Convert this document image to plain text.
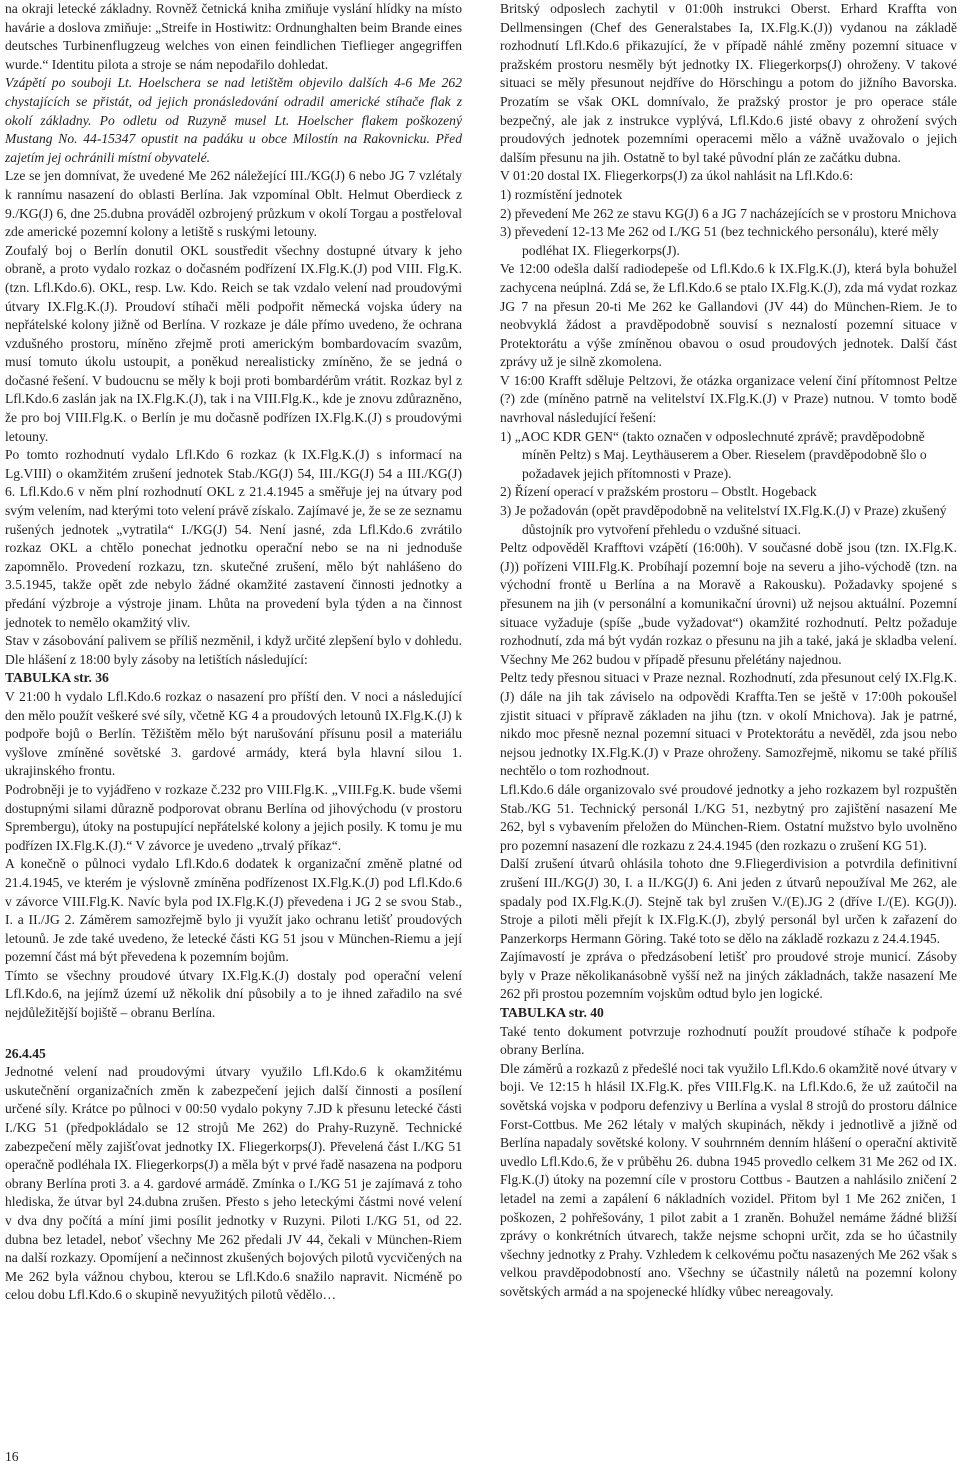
na okraji letecké základny. Rovněž četnická kniha zmiňuje vyslání hlídky na místo havárie a doslova zmiňuje: „Streife in Hostiwitz: Ordnunghalten beim Brande eines deutsches Turbinenflugzeug welches von einen feindlichen Tieflieger angegriffen wurde.“ Identitu pilota a stroje se nám nepodařilo dohledat.

Vzápětí po souboji Lt. Hoelschera se nad letištěm objevilo dalších 4-6 Me 262 chystajících se přistát, od jejich pronásledování odradil americké stíhače flak z okolí základny. Po odletu od Ruzyně musel Lt. Hoelscher flakem poškozený Mustang No. 44-15347 opustit na padáku u obce Milostín na Rakovnicku. Před zajetím jej ochránili místní obyvatelé.

Lze se jen domnívat, že uvedené Me 262 náležející III./KG(J) 6 nebo JG 7 vzlétaly k rannímu nasazení do oblasti Berlína. Jak vzpomínal Oblt. Helmut Oberdieck z 9./KG(J) 6, dne 25.dubna prováděl ozbrojený průzkum v okolí Torgau a postřeloval zde americké pozemní kolony a letiště s ruskými letouny.

Zoufalý boj o Berlín donutil OKL soustředit všechny dostupné útvary k jeho obraně, a proto vydalo rozkaz o dočasném podřízení IX.Flg.K.(J) pod VIII. Flg.K. (tzn. Lfl.Kdo.6). OKL, resp. Lw. Kdo. Reich se tak vzdalo velení nad proudovými útvary IX.Flg.K.(J). Proudoví stíhači měli podpořit německá vojska údery na nepřátelské kolony jižně od Berlína. V rozkaze je dále přímo uvedeno, že ochrana vzdušného prostoru, míněno zřejmě proti americkým bombardovacím svazům, musí tomuto úkolu ustoupit, a poněkud nerealisticky zmíněno, že se jedná o dočasné řešení. V budoucnu se měly k boji proti bombardérům vrátit. Rozkaz byl z Lfl.Kdo.6 zaslán jak na IX.Flg.K.(J), tak i na VIII.Flg.K., kde je znovu zdůrazněno, že pro boj VIII.Flg.K. o Berlín je mu dočasně podřízen IX.Flg.K.(J) s proudovými letouny.

Po tomto rozhodnutí vydalo Lfl.Kdo 6 rozkaz (k IX.Flg.K.(J) s informací na Lg.VIII) o okamžitém zrušení jednotek Stab./KG(J) 54, III./KG(J) 54 a III./KG(J) 6. Lfl.Kdo.6 v něm plní rozhodnutí OKL z 21.4.1945 a směřuje jej na útvary pod svým velením, nad kterými toto velení právě získalo. Zajímavé je, že se ze seznamu rušených jednotek „vytratila“ I./KG(J) 54. Není jasné, zda Lfl.Kdo.6 zvrátilo rozkaz OKL a chtělo ponechat jednotku operační nebo se na ni jednoduše zapomnělo. Provedení rozkazu, tzn. skutečné zrušení, mělo být nahlášeno do 3.5.1945, takže opět zde nebylo žádné okamžité zastavení činnosti jednotky a předání výzbroje a výstroje jinam. Lhůta na provedení byla týden a na činnost jednotek to nemělo okamžitý vliv.

Stav v zásobování palivem se příliš nezměnil, i když určité zlepšení bylo v dohledu. Dle hlášení z 18:00 byly zásoby na letištích následující:

TABULKA str. 36

V 21:00 h vydalo Lfl.Kdo.6 rozkaz o nasazení pro příští den. V noci a následující den mělo použít veškeré své síly, včetně KG 4 a proudových letounů IX.Flg.K.(J) k podpoře bojů o Berlín. Těžištěm mělo být narušování přísunu posil a materiálu vyšlove zmíněné sovětské 3. gardové armády, která byla hlavní silou 1. ukrajinského frontu.

Podrobněji je to vyjádřeno v rozkaze č.232 pro VIII.Flg.K. „VIII.Fg.K. bude všemi dostupnými silami důrazně podporovat obranu Berlína od jihovýchodu (v prostoru Sprembergu), útoky na postupující nepřátelské kolony a jejich posily. K tomu je mu podřízen IX.Flg.K.(J).“ V závorce je uvedeno „trvalý příkaz“.

A konečně o půlnoci vydalo Lfl.Kdo.6 dodatek k organizační změně platné od 21.4.1945, ve kterém je výslovně zmíněna podřízenost IX.Flg.K.(J) pod Lfl.Kdo.6 v závorce VIII.Flg.K. Navíc byla pod IX.Flg.K.(J) převedena i JG 2 se svou Stab., I. a II./JG 2. Záměrem samozřejmě bylo ji využít jako ochranu letišť proudových letounů. Je zde také uvedeno, že letecké části KG 51 jsou v München-Riemu a její pozemní část má být převedena k pozemním bojům.

Tímto se všechny proudové útvary IX.Flg.K.(J) dostaly pod operační velení Lfl.Kdo.6, na jejímž území už několik dní působily a to je ihned zařadilo na své nejdůležitější bojiště – obranu Berlína.

26.4.45

Jednotné velení nad proudovými útvary využilo Lfl.Kdo.6 k okamžitému uskutečnění organizačních změn k zabezpečení jejich další činnosti a posílení určené síly. Krátce po půlnoci v 00:50 vydalo pokyny 7.JD k přesunu letecké části I./KG 51 (předpokládalo se 12 strojů Me 262) do Prahy-Ruzyně. Technické zabezpečení měly zajišťovat jednotky IX. Fliegerkorps(J). Převelená část I./KG 51 operačně podléhala IX. Fliegerkorps(J) a měla být v prvé řadě nasazena na podporu obrany Berlína proti 3. a 4. gardové armádě. Zmínka o I./KG 51 je zajímavá z toho hlediska, že útvar byl 24.dubna zrušen. Přesto s jeho leteckými částmi nové velení v dva dny počítá a míní jimi posílit jednotky v Ruzyni. Piloti I./KG 51, od 22. dubna bez letadel, neboť všechny Me 262 předali JV 44, čekali v München-Riem na další rozkazy. Opomíjení a nečinnost zkušených bojových pilotů vycvičených na Me 262 byla vážnou chybou, kterou se Lfl.Kdo.6 snažilo napravit. Nicméně po celou dobu Lfl.Kdo.6 o skupině nevyužitých pilotů vědělo…

Britský odposlech zachytil v 01:00h instrukci Oberst. Erhard Kraffta von Dellmensingen (Chef des Generalstabes Ia, IX.Flg.K.(J)) vydanou na základě rozhodnutí Lfl.Kdo.6 přikazující, že v případě náhlé změny pozemní situace v pražském prostoru nesměly být jednotky IX. Fliegerkorps(J) ohroženy. V takové situaci se měly přesunout nejdříve do Hörschingu a potom do jižního Bavorska. Prozatím se však OKL domnívalo, že pražský prostor je pro operace stále bezpečný, ale jak z instrukce vyplývá, Lfl.Kdo.6 jisté obavy z ohrožení svých proudových jednotek pozemními operacemi mělo a vážně uvažovalo o jejich dalším přesunu na jih. Ostatně to byl také původní plán ze začátku dubna.

V 01:20 dostal IX. Fliegerkorps(J) za úkol nahlásit na Lfl.Kdo.6:

1) rozmístění jednotek

2) převedení Me 262 ze stavu KG(J) 6 a JG 7 nacházejících se v prostoru Mnichova

3) převedení 12-13 Me 262 od I./KG 51 (bez technického personálu), které měly podléhat IX. Fliegerkorps(J).

Ve 12:00 odešla další radiodepeše od Lfl.Kdo.6 k IX.Flg.K.(J), která byla bohužel zachycena neúplná. Zdá se, že Lfl.Kdo.6 se ptalo IX.Flg.K.(J), zda má vydat rozkaz JG 7 na přesun 20-ti Me 262 ke Gallandovi (JV 44) do München-Riem. Je to neobvyklá žádost a pravděpodobně souvisí s neznalostí pozemní situace v Protektorátu a výše zmíněnou obavou o osud proudových jednotek. Další část zprávy už je silně zkomolena.

V 16:00 Krafft sděluje Peltzovi, že otázka organizace velení činí přítomnost Peltze (?) zde (míněno patrně na velitelství IX.Flg.K.(J) v Praze) nutnou. V tomto bodě navrhoval následující řešení:

1) „AOC KDR GEN“ (takto označen v odposlechnuté zprávě; pravděpodobně míněn Peltz) s Maj. Leythäuserem a Ober. Rieselem (pravděpodobně šlo o požadavek jejich přítomnosti v Praze).

2) Řízení operací v pražském prostoru – Obstlt. Hogeback

3) Je požadován (opět pravděpodobně na velitelství IX.Flg.K.(J) v Praze) zkušený důstojník pro vytvoření přehledu o vzdušné situaci.

Peltz odpověděl Krafftovi vzápětí (16:00h). V současné době jsou (tzn. IX.Flg.K.(J)) pořízeni VIII.Flg.K. Probíhají pozemní boje na severu a jiho-východě (tzn. na východní frontě u Berlína a na Moravě a Rakousku). Požadavky spojené s přesunem na jih (v personální a komunikační úrovni) už nejsou aktuální. Pozemní situace vyžaduje (spíše „bude vyžadovat“) okamžité rozhodnutí. Peltz požaduje rozhodnutí, zda má být vydán rozkaz o přesunu na jih a také, jaká je skladba velení. Všechny Me 262 budou v případě přesunu přelétány najednou.

Peltz tedy přesnou situaci v Praze neznal. Rozhodnutí, zda přesunout celý IX.Flg.K.(J) dále na jih tak záviselo na odpovědi Kraffta.Ten se ještě v 17:00h pokoušel zjistit situaci v přípravě základen na jihu (tzn. v okolí Mnichova). Jak je patrné, nikdo moc přesně neznal pozemní situaci v Protektorátu a nevěděl, zda jsou nebo nejsou jednotky IX.Flg.K.(J) v Praze ohroženy. Samozřejmě, nikomu se také příliš nechtělo o tom rozhodnout.

Lfl.Kdo.6 dále organizovalo své proudové jednotky a jeho rozkazem byl rozpuštěn Stab./KG 51. Technický personál I./KG 51, nezbytný pro zajištění nasazení Me 262, byl s vybavením přeložen do München-Riem. Ostatní mužstvo bylo uvolněno pro pozemní nasazení dle rozkazu z 24.4.1945 (den rozkazu o zrušení KG 51).

Další zrušení útvarů ohlásila tohoto dne 9.Fliegerdivision a potvrdila definitivní zrušení III./KG(J) 30, I. a II./KG(J) 6. Ani jeden z útvarů nepoužíval Me 262, ale spadaly pod IX.Flg.K.(J). Stejně tak byl zrušen V./(E).JG 2 (dříve I./(E). KG(J)). Stroje a piloti měli přejít k IX.Flg.K.(J), zbylý personál byl určen k zařazení do Panzerkorps Hermann Göring. Také toto se dělo na základě rozkazu z 24.4.1945.

Zajímavostí je zpráva o předzásobení letišť pro proudové stroje municí. Zásoby byly v Praze několikanásobně vyšší než na jiných základnách, takže nasazení Me 262 při prostou pozemním vojskům odtud bylo jen logické.

TABULKA str. 40

Také tento dokument potvrzuje rozhodnutí použít proudové stíhače k podpoře obrany Berlína.

Dle záměrů a rozkazů z předešlé noci tak využilo Lfl.Kdo.6 okamžitě nové útvary v boji. Ve 12:15 h hlásil IX.Flg.K. přes VIII.Flg.K. na Lfl.Kdo.6, že už zaútočil na sovětská vojska v podporu defenzivy u Berlína a vyslal 8 strojů do prostoru dálnice Forst-Cottbus. Me 262 létaly v malých skupinách, někdy i jednotlivě a jižně od Berlína napadaly sovětské kolony. V souhrnném denním hlášení o operační aktivitě uvedlo Lfl.Kdo.6, že v průběhu 26. dubna 1945 provedlo celkem 31 Me 262 od IX. Flg.K.(J) útoky na pozemní cíle v prostoru Cottbus - Bautzen a nahlásilo zničení 2 letadel na zemi a zapálení 6 nákladních vozidel. Přitom byl 1 Me 262 zničen, 1 poškozen, 2 pohřešovány, 1 pilot zabit a 1 zraněn. Bohužel nemáme žádné bližší zprávy o konkrétních útvarech, takže nejsme schopni určit, zda se ho účastnily všechny jednotky z Prahy. Vzhledem k celkovému počtu nasazených Me 262 však s velkou pravděpodobností ano. Všechny se účastnily náletů na pozemní kolony sovětských armád a na spojenecké hlídky vůbec nereagovaly.

16
